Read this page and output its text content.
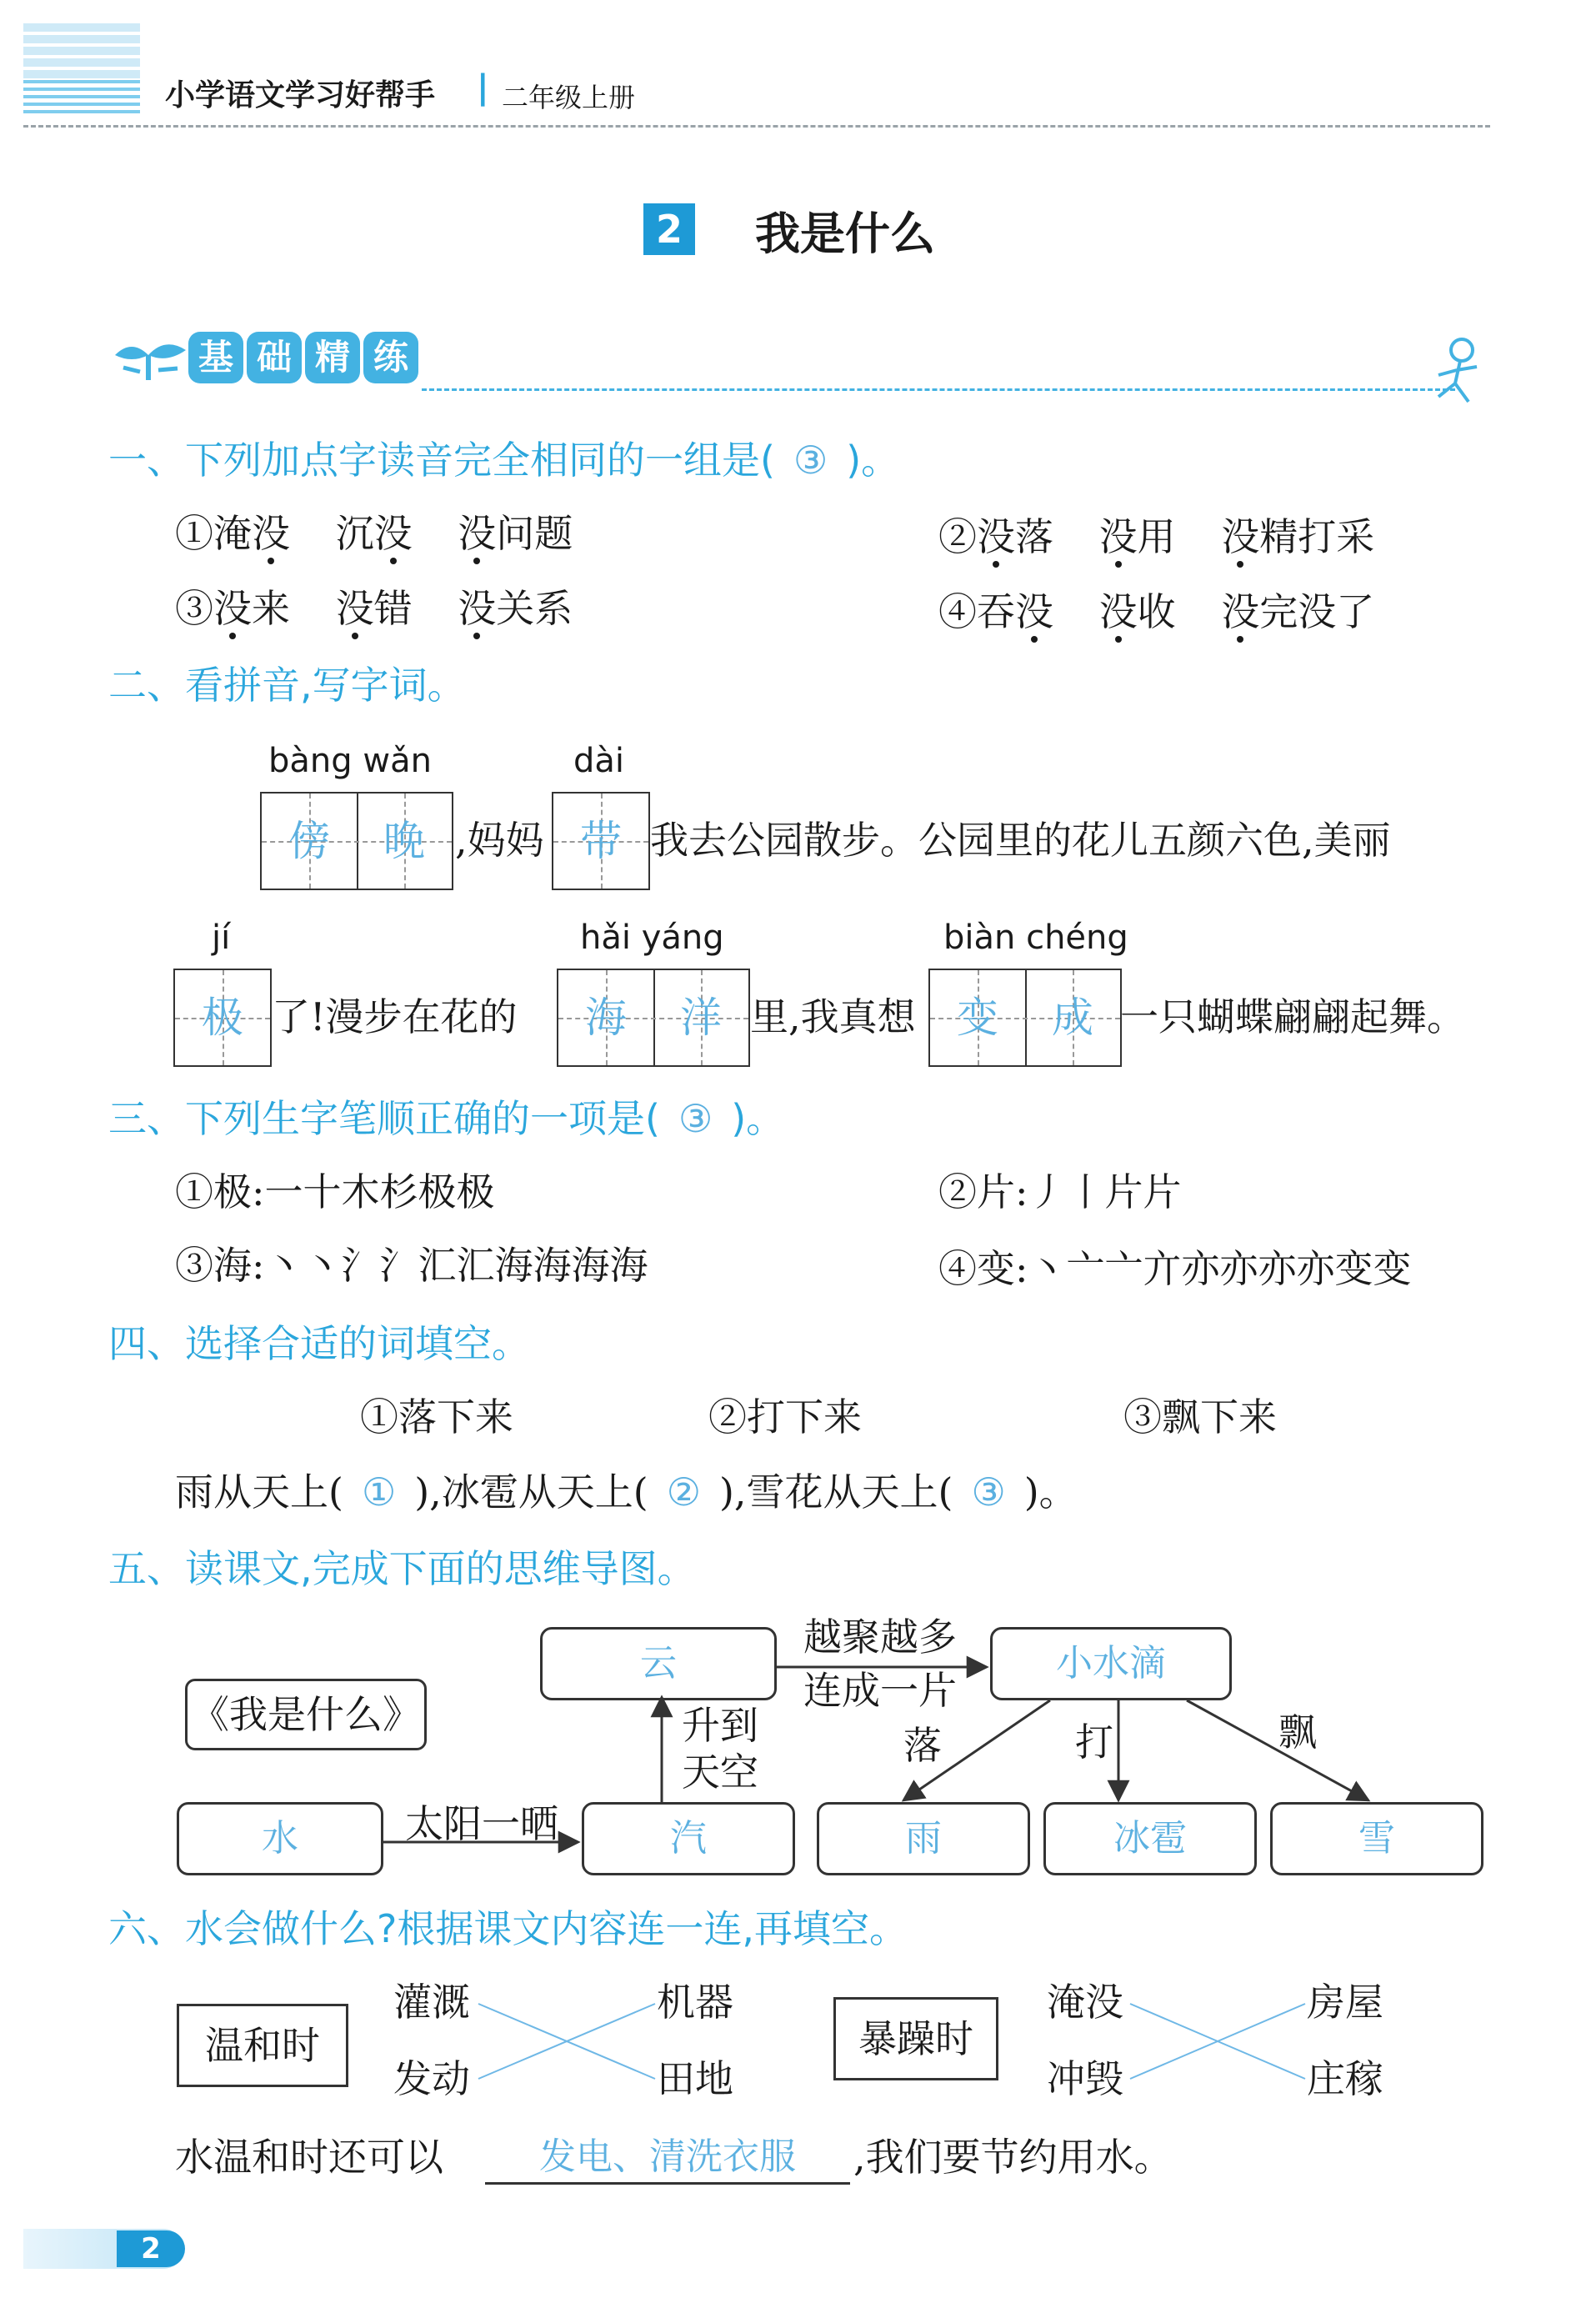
小学语文学习好帮手 | 二年级上册
2 我是什么
基 础 精 练
一、下列加点字读音完全相同的一组是( ③ )。
①淹没 沉没 没问题	②没落 没用 没精打采
③没来 没错 没关系	④吞没 没收 没完没了
二、看拼音,写字词。
bàng wǎn
傍	晚 ,妈妈
dài
带 我去公园散步。公园里的花儿五颜六色,美丽
jí
极 了!漫步在花的
hǎi yáng
海	洋 里,我真想
biàn chéng
变	成 一只蝴蝶翩翩起舞。
三、下列生字笔顺正确的一项是( ③ )。
①极:一十木杉极极	②片:丿丨片片
③海:丶丶氵氵汇汇海海海海	④变:丶亠亠亣亦亦亦亦变变
四、选择合适的词填空。
①落下来	②打下来	③飘下来
雨从天上( ① ),冰雹从天上( ② ),雪花从天上( ③ )。
五、读课文,完成下面的思维导图。
《我是什么》
云	小水滴
水	汽	雨	冰雹	雪
越聚越多
连成一片
升到
天空
太阳一晒
落	打	飘
六、水会做什么?根据课文内容连一连,再填空。
温和时
灌溉
发动
机器
田地
暴躁时
淹没
冲毁
房屋
庄稼
水温和时还可以	发电、清洗衣服	,我们要节约用水。
2
